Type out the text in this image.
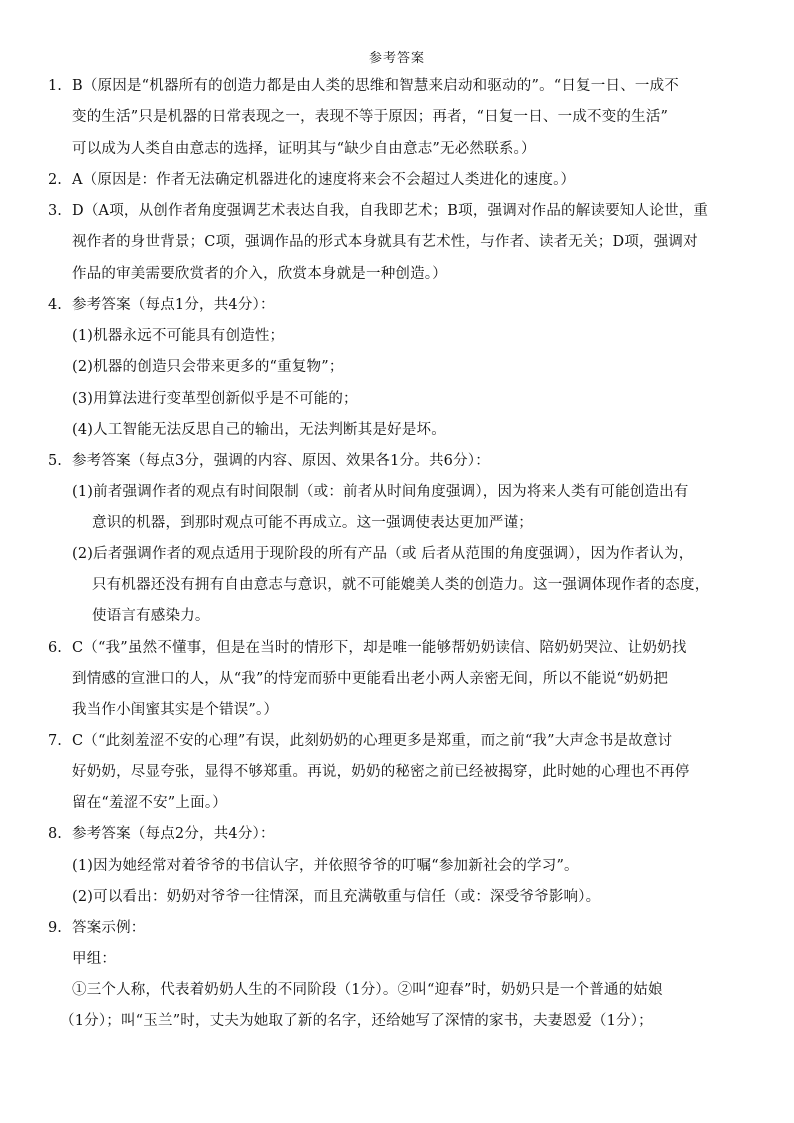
参考答案
1. B（原因是“机器所有的创造力都是由人类的思维和智慧来启动和驱动的”。“日复一日、一成不
变的生活”只是机器的日常表现之一，表现不等于原因；再者，“日复一日、一成不变的生活”
可以成为人类自由意志的选择，证明其与“缺少自由意志”无必然联系。）
2. A（原因是：作者无法确定机器进化的速度将来会不会超过人类进化的速度。）
3. D（A项，从创作者角度强调艺术表达自我，自我即艺术；B项，强调对作品的解读要知人论世，重
视作者的身世背景；C项，强调作品的形式本身就具有艺术性，与作者、读者无关；D项，强调对
作品的审美需要欣赏者的介入，欣赏本身就是一种创造。）
4. 参考答案（每点1分，共4分）：
(1)机器永远不可能具有创造性；
(2)机器的创造只会带来更多的“重复物”；
(3)用算法进行变革型创新似乎是不可能的；
(4)人工智能无法反思自己的输出，无法判断其是好是坏。
5. 参考答案（每点3分，强调的内容、原因、效果各1分。共6分）：
(1)前者强调作者的观点有时间限制（或：前者从时间角度强调），因为将来人类有可能创造出有
意识的机器，到那时观点可能不再成立。这一强调使表达更加严谨；
(2)后者强调作者的观点适用于现阶段的所有产品（或 后者从范围的角度强调），因为作者认为，
只有机器还没有拥有自由意志与意识，就不可能媲美人类的创造力。这一强调体现作者的态度，
使语言有感染力。
6. C（“我”虽然不懂事，但是在当时的情形下，却是唯一能够帮奶奶读信、陪奶奶哭泣、让奶奶找
到情感的宣泄口的人，从“我”的恃宠而骄中更能看出老小两人亲密无间，所以不能说“奶奶把
我当作小闺蜜其实是个错误”。）
7. C（“此刻羞涩不安的心理”有误，此刻奶奶的心理更多是郑重，而之前“我”大声念书是故意讨
好奶奶，尽显夸张，显得不够郑重。再说，奶奶的秘密之前已经被揭穿，此时她的心理也不再停
留在“羞涩不安”上面。）
8. 参考答案（每点2分，共4分）：
(1)因为她经常对着爷爷的书信认字，并依照爷爷的叮嘱“参加新社会的学习”。
(2)可以看出：奶奶对爷爷一往情深，而且充满敬重与信任（或：深受爷爷影响）。
9. 答案示例：
甲组：
①三个人称，代表着奶奶人生的不同阶段（1分）。②叫“迎春”时，奶奶只是一个普通的姑娘
（1分）；叫“玉兰”时，丈夫为她取了新的名字，还给她写了深情的家书，夫妻恩爱（1分）；
